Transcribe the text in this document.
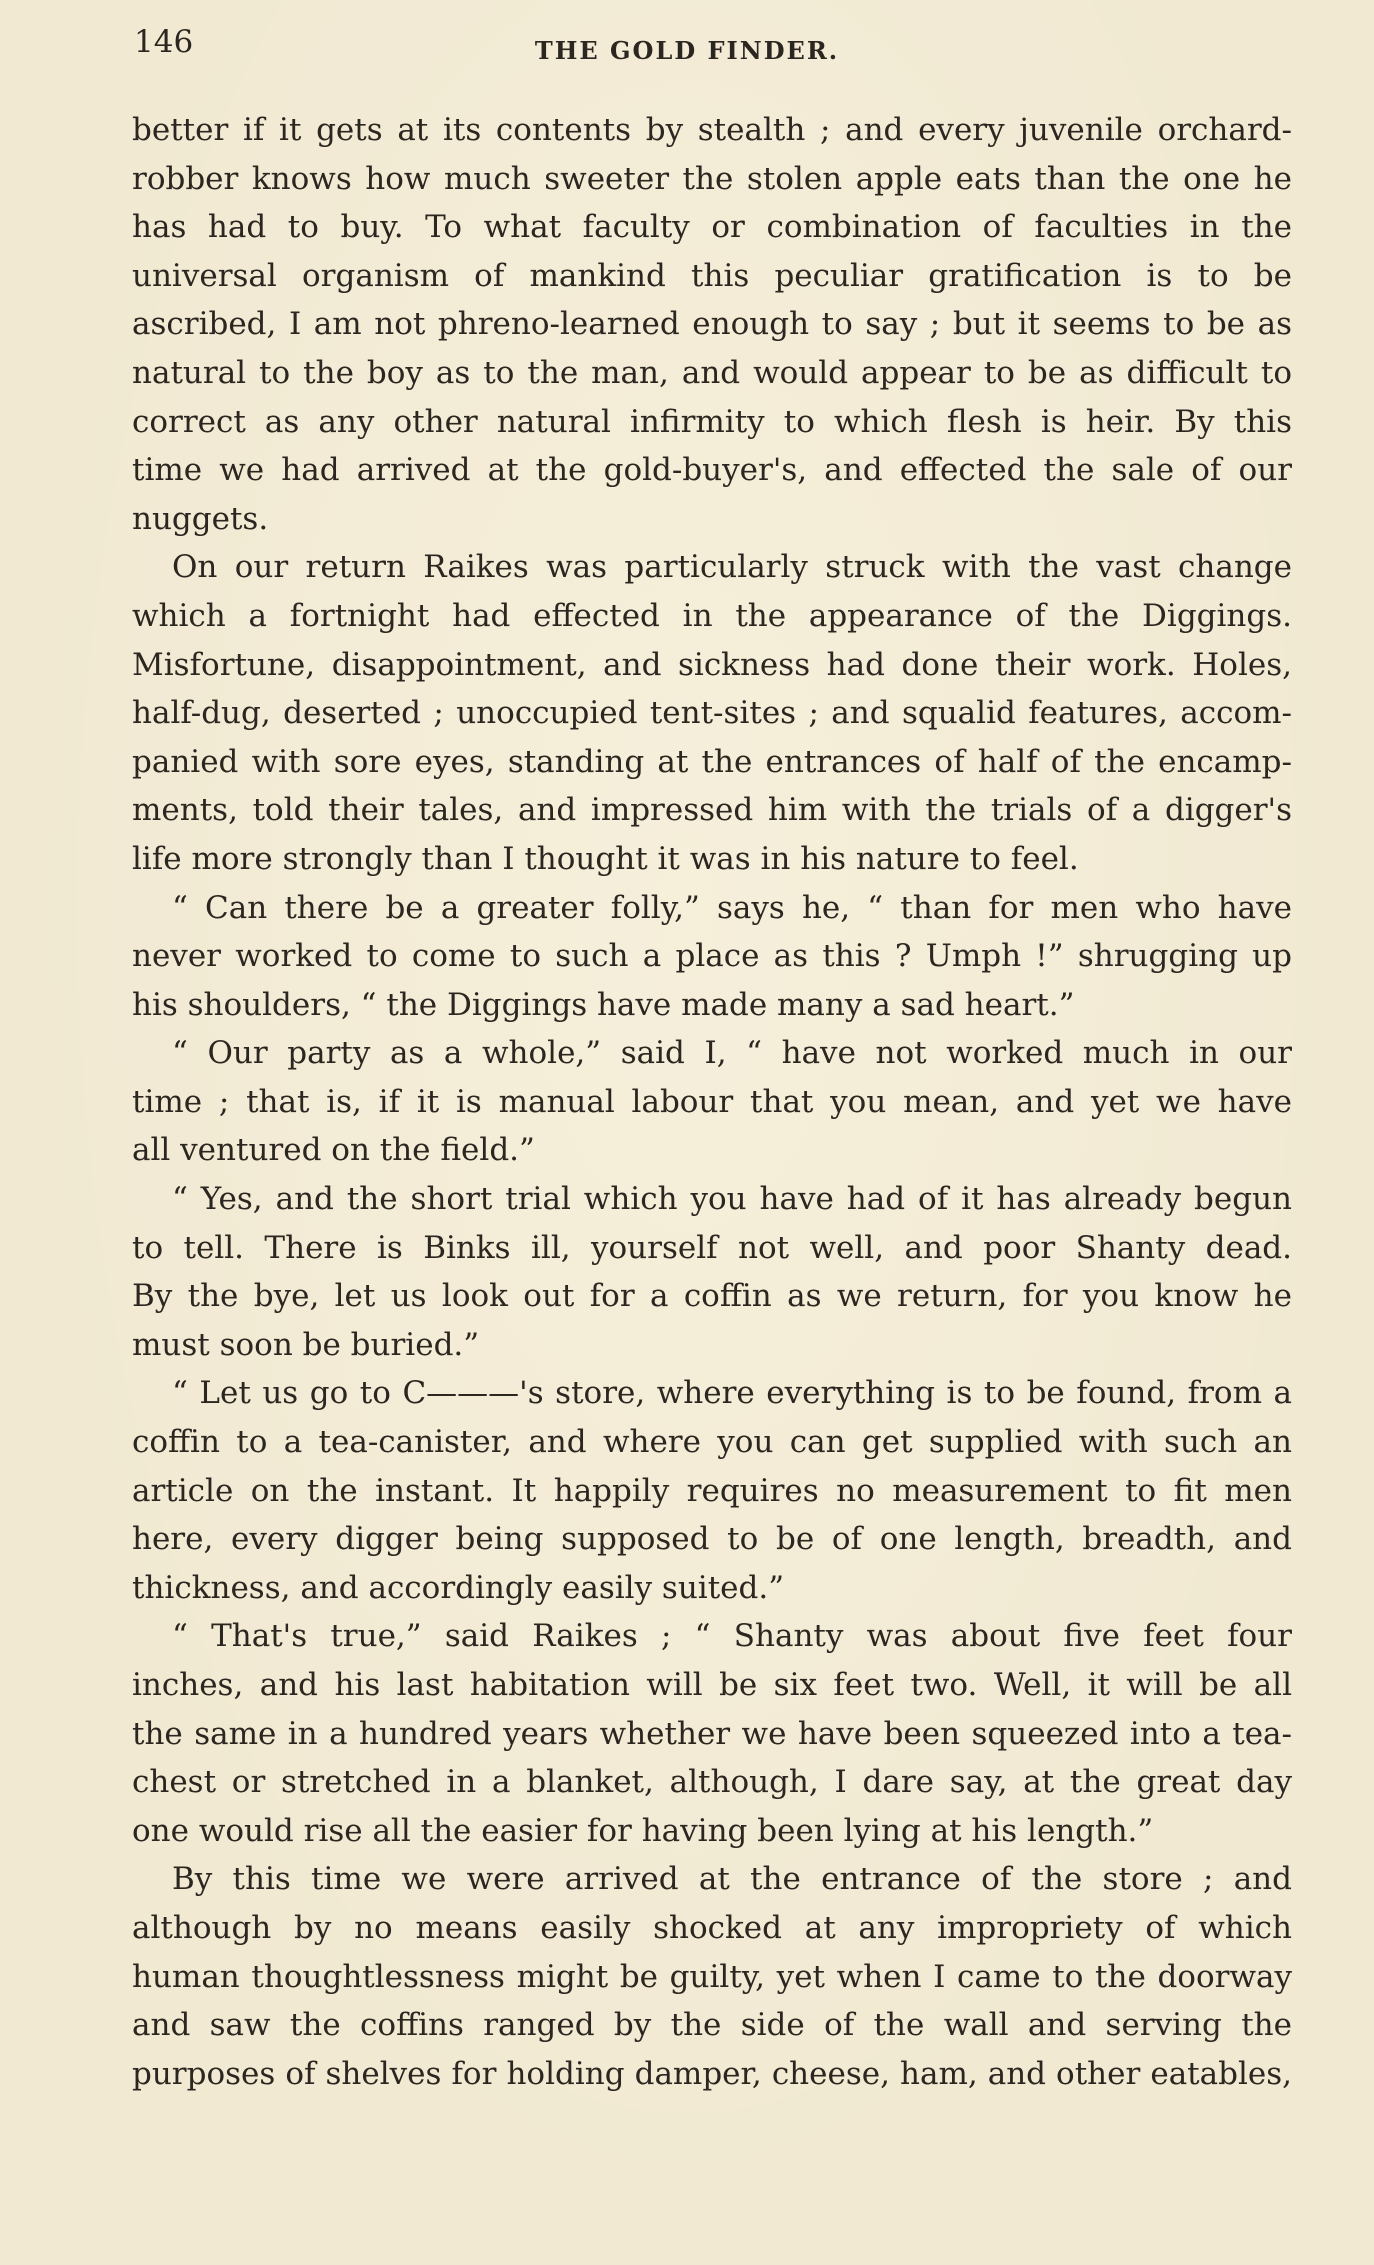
146	THE GOLD FINDER.
better if it gets at its contents by stealth ; and every juvenile orchard-
robber knows how much sweeter the stolen apple eats than the one he
has had to buy. To what faculty or combination of faculties in the
universal organism of mankind this peculiar gratification is to be
ascribed, I am not phreno-learned enough to say ; but it seems to be as
natural to the boy as to the man, and would appear to be as difficult to
correct as any other natural infirmity to which flesh is heir. By this
time we had arrived at the gold-buyer's, and effected the sale of our
nuggets.
On our return Raikes was particularly struck with the vast change
which a fortnight had effected in the appearance of the Diggings.
Misfortune, disappointment, and sickness had done their work. Holes,
half-dug, deserted ; unoccupied tent-sites ; and squalid features, accom-
panied with sore eyes, standing at the entrances of half of the encamp-
ments, told their tales, and impressed him with the trials of a digger's
life more strongly than I thought it was in his nature to feel.
“ Can there be a greater folly,” says he, “ than for men who have
never worked to come to such a place as this ? Umph !” shrugging up
his shoulders, “ the Diggings have made many a sad heart.”
“ Our party as a whole,” said I, “ have not worked much in our
time ; that is, if it is manual labour that you mean, and yet we have
all ventured on the field.”
“ Yes, and the short trial which you have had of it has already begun
to tell. There is Binks ill, yourself not well, and poor Shanty dead.
By the bye, let us look out for a coffin as we return, for you know he
must soon be buried.”
“ Let us go to C———'s store, where everything is to be found, from a
coffin to a tea-canister, and where you can get supplied with such an
article on the instant. It happily requires no measurement to fit men
here, every digger being supposed to be of one length, breadth, and
thickness, and accordingly easily suited.”
“ That's true,” said Raikes ; “ Shanty was about five feet four
inches, and his last habitation will be six feet two. Well, it will be all
the same in a hundred years whether we have been squeezed into a tea-
chest or stretched in a blanket, although, I dare say, at the great day
one would rise all the easier for having been lying at his length.”
By this time we were arrived at the entrance of the store ; and
although by no means easily shocked at any impropriety of which
human thoughtlessness might be guilty, yet when I came to the doorway
and saw the coffins ranged by the side of the wall and serving the
purposes of shelves for holding damper, cheese, ham, and other eatables,
